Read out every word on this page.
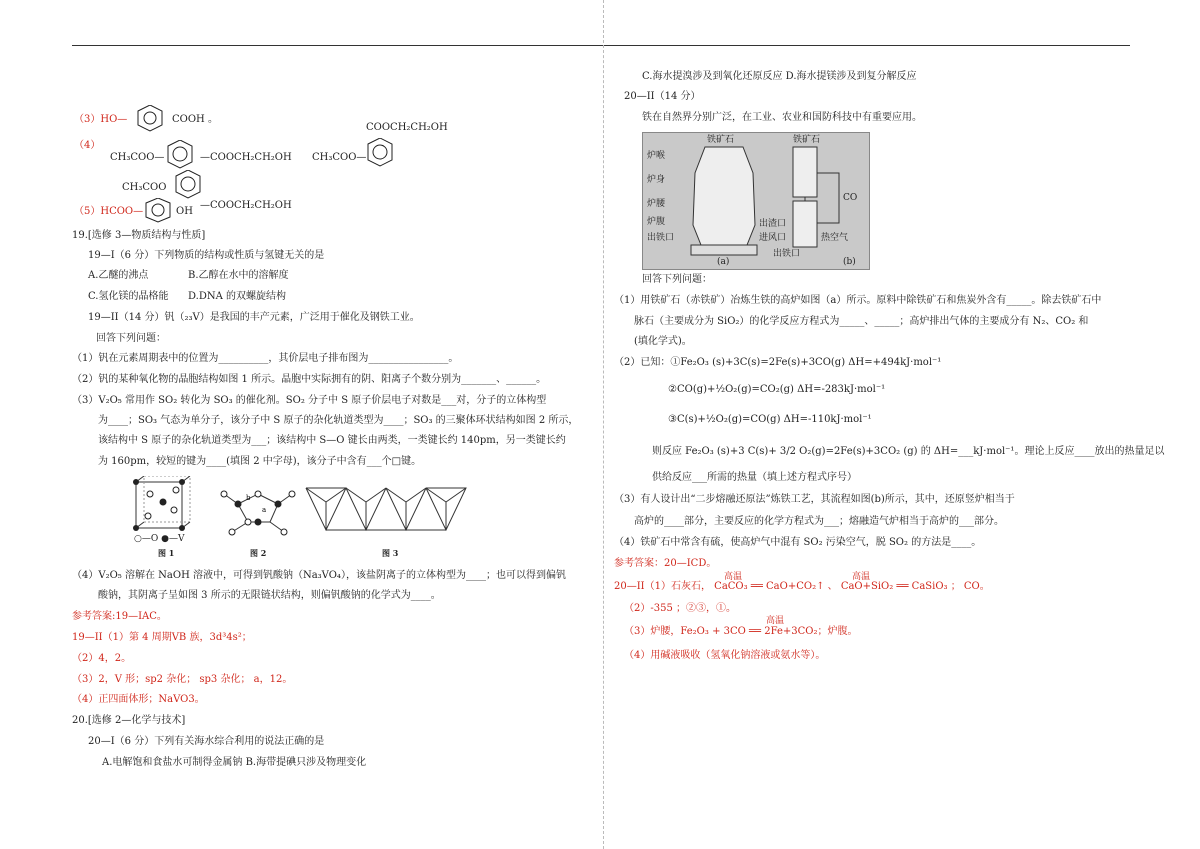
（3）HO—	COOH 。
（4）
CH₃COO—	—COOCH₂CH₂OH
COOCH₂CH₂OH
CH₃COO—
CH₃COO
—COOCH₂CH₂OH
（5）HCOO—	OH
19.[选修 3—物质结构与性质]
19—I（6 分）下列物质的结构或性质与氢键无关的是
A.乙醚的沸点	B.乙醇在水中的溶解度
C.氢化镁的晶格能 D.DNA 的双螺旋结构
19—II（14 分）钒（₂₃V）是我国的丰产元素，广泛用于催化及钢铁工业。
回答下列问题：
（1）钒在元素周期表中的位置为__________，其价层电子排布图为________________。
（2）钒的某种氧化物的晶胞结构如图 1 所示。晶胞中实际拥有的阴、阳离子个数分别为_______、______。
（3）V₂O₅ 常用作 SO₂ 转化为 SO₃ 的催化剂。SO₂ 分子中 S 原子价层电子对数是___对，分子的立体构型
为____；SO₃ 气态为单分子，该分子中 S 原子的杂化轨道类型为____；SO₃ 的三聚体环状结构如图 2 所示，
该结构中 S 原子的杂化轨道类型为___；该结构中 S—O 键长由两类，一类键长约 140pm，另一类键长约
为 160pm，较短的键为____(填图 2 中字母)，该分子中含有___个□键。
○—O ●—V
图 1
b
a
图 2	图 3
（4）V₂O₅ 溶解在 NaOH 溶液中，可得到钒酸钠（Na₃VO₄），该盐阴离子的立体构型为____；也可以得到偏钒
酸钠，其阴离子呈如图 3 所示的无限链状结构，则偏钒酸钠的化学式为____。
参考答案:19—IAC。
19—II（1）第 4 周期VB 族，3d³4s²；
（2）4，2。
（3）2，V 形；sp2 杂化； sp3 杂化； a，12。
（4）正四面体形；NaVO3。
20.[选修 2—化学与技术]
20—I（6 分）下列有关海水综合利用的说法正确的是
A.电解饱和食盐水可制得金属钠 B.海带提碘只涉及物理变化
C.海水提溴涉及到氧化还原反应 D.海水提镁涉及到复分解反应
20—II（14 分）
铁在自然界分别广泛，在工业、农业和国防科技中有重要应用。
铁矿石
炉喉
炉身
炉腰
炉腹
出铁口
出渣口
进风口
铁矿石
CO
热空气
出铁口
(a)	(b)
回答下列问题：
（1）用铁矿石（赤铁矿）冶炼生铁的高炉如图（a）所示。原料中除铁矿石和焦炭外含有_____。除去铁矿石中
脉石（主要成分为 SiO₂）的化学反应方程式为_____、_____；高炉排出气体的主要成分有 N₂、CO₂ 和
(填化学式)。
（2）已知：①Fe₂O₃ (s)+3C(s)=2Fe(s)+3CO(g) ΔH=+494kJ·mol⁻¹
②CO(g)+½O₂(g)=CO₂(g) ΔH=-283kJ·mol⁻¹
③C(s)+½O₂(g)=CO(g) ΔH=-110kJ·mol⁻¹
则反应 Fe₂O₃ (s)+3 C(s)+ 3/2 O₂(g)=2Fe(s)+3CO₂ (g) 的 ΔH=___kJ·mol⁻¹。理论上反应____放出的热量足以
供给反应___所需的热量（填上述方程式序号）
（3）有人设计出“二步熔融还原法”炼铁工艺，其流程如图(b)所示，其中，还原竖炉相当于
高炉的____部分，主要反应的化学方程式为___；熔融造气炉相当于高炉的___部分。
（4）铁矿石中常含有硫，使高炉气中混有 SO₂ 污染空气，脱 SO₂ 的方法是____。
参考答案：20—ICD。
高温	高温
20—II（1）石灰石， CaCO₃ ══ CaO+CO₂↑ 、 CaO+SiO₂ ══ CaSiO₃ ； CO。
（2）-355 ；②③，①。
高温
（3）炉腰，Fe₂O₃ + 3CO ══ 2Fe+3CO₂；炉腹。
（4）用碱液吸收（氢氧化钠溶液或氨水等）。
